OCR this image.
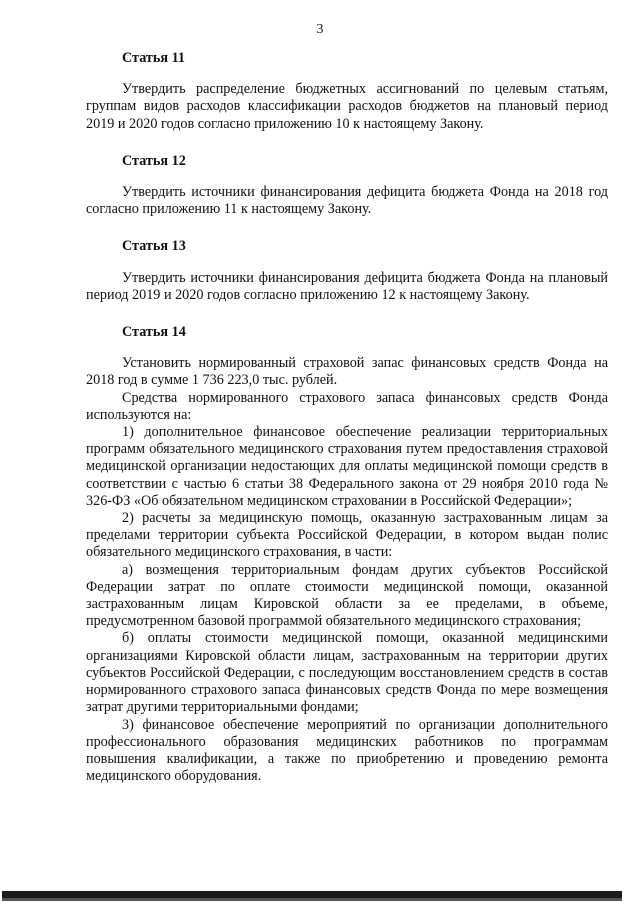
3
Статья 11

Утвердить распределение бюджетных ассигнований по целевым статьям, группам видов расходов классификации расходов бюджетов на плановый период 2019 и 2020 годов согласно приложению 10 к настоящему Закону.

Статья 12

Утвердить источники финансирования дефицита бюджета Фонда на 2018 год согласно приложению 11 к настоящему Закону.

Статья 13

Утвердить источники финансирования дефицита бюджета Фонда на плановый период 2019 и 2020 годов согласно приложению 12 к настоящему Закону.

Статья 14

Установить нормированный страховой запас финансовых средств Фонда на 2018 год в сумме 1 736 223,0 тыс. рублей.

Средства нормированного страхового запаса финансовых средств Фонда используются на:

1) дополнительное финансовое обеспечение реализации территориальных программ обязательного медицинского страхования путем предоставления страховой медицинской организации недостающих для оплаты медицинской помощи средств в соответствии с частью 6 статьи 38 Федерального закона от 29 ноября 2010 года № 326-ФЗ «Об обязательном медицинском страховании в Российской Федерации»;

2) расчеты за медицинскую помощь, оказанную застрахованным лицам за пределами территории субъекта Российской Федерации, в котором выдан полис обязательного медицинского страхования, в части:

а) возмещения территориальным фондам других субъектов Российской Федерации затрат по оплате стоимости медицинской помощи, оказанной застрахованным лицам Кировской области за ее пределами, в объеме, предусмотренном базовой программой обязательного медицинского страхования;

б) оплаты стоимости медицинской помощи, оказанной медицинскими организациями Кировской области лицам, застрахованным на территории других субъектов Российской Федерации, с последующим восстановлением средств в состав нормированного страхового запаса финансовых средств Фонда по мере возмещения затрат другими территориальными фондами;

3) финансовое обеспечение мероприятий по организации дополнительного профессионального образования медицинских работников по программам повышения квалификации, а также по приобретению и проведению ремонта медицинского оборудования.
